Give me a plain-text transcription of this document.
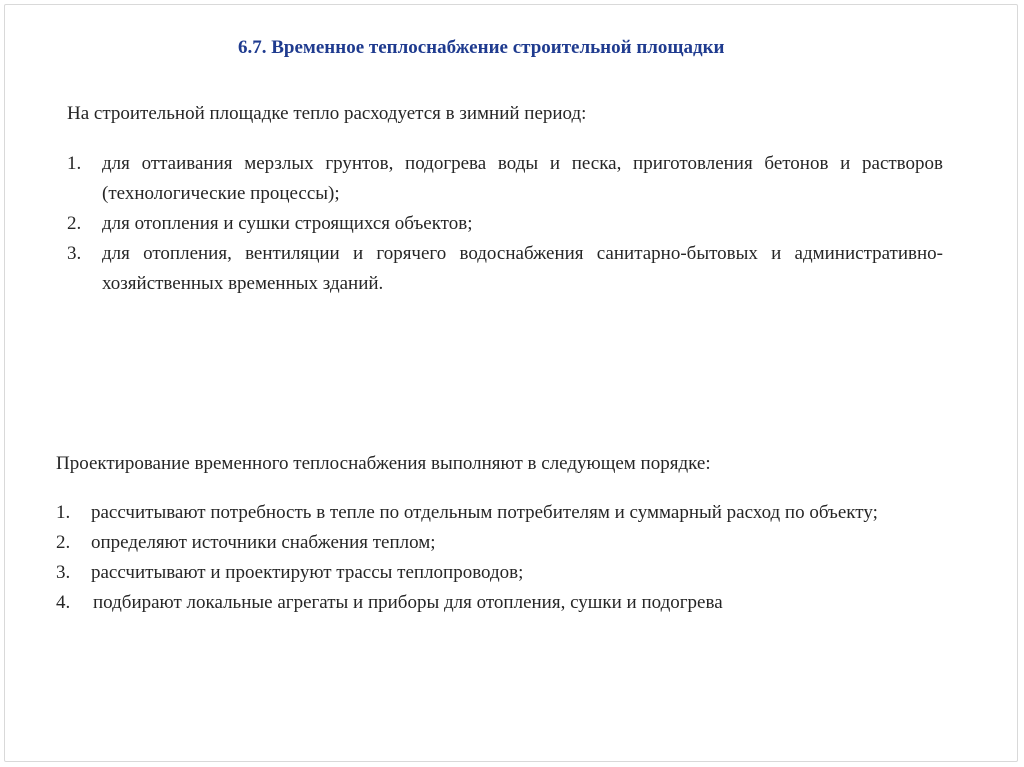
6.7. Временное теплоснабжение строительной площадки
На строительной площадке тепло расходуется в зимний период:
1. для оттаивания мерзлых грунтов, подогрева воды и песка, приготовления бетонов и растворов (технологические процессы);
2. для отопления и сушки строящихся объектов;
3. для отопления, вентиляции и горячего водоснабжения санитарно-бытовых и административно-хозяйственных временных зданий.
Проектирование временного теплоснабжения выполняют в следующем порядке:
1. рассчитывают потребность в тепле по отдельным потребителям и суммарный расход по объекту;
2. определяют источники снабжения теплом;
3. рассчитывают и проектируют трассы теплопроводов;
4. подбирают локальные агрегаты и приборы для отопления, сушки и подогрева
